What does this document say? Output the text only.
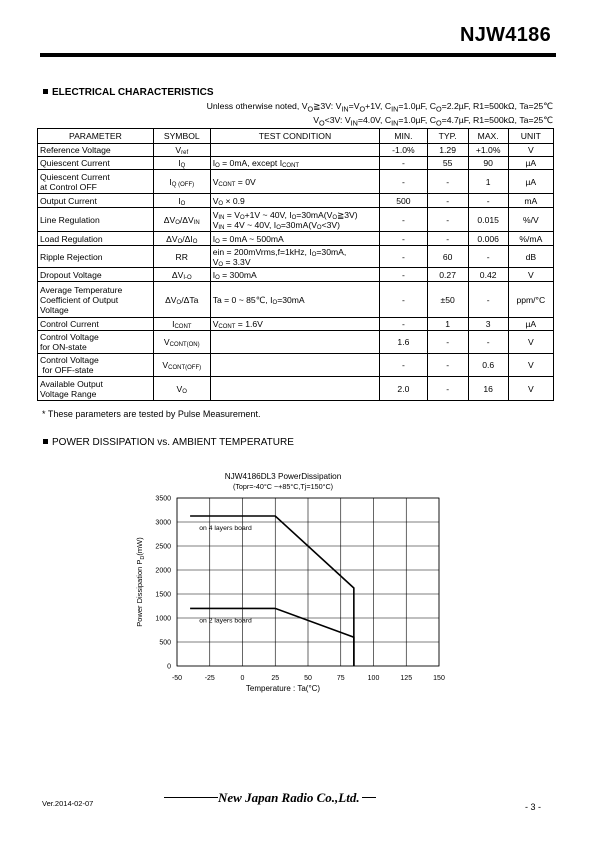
NJW4186
ELECTRICAL CHARACTERISTICS
Unless otherwise noted, $V_O≧3V$: $V_{IN}=V_O+1V$, $C_{IN}=1.0\mu F$, $C_O=2.2\mu F$, R1=500kΩ, Ta=25℃
$V_O<3V$: $V_{IN}=4.0V$, $C_{IN}=1.0\mu F$, $C_O=4.7\mu F$, R1=500kΩ, Ta=25℃
PARAMETER	SYMBOL	TEST CONDITION	MIN.	TYP.	MAX.	UNIT
Reference Voltage	$V_{ref}$		-1.0%	1.29	+1.0%	V
Quiescent Current	$I_Q$	$I_O = 0mA$, except $I_{CONT}$	-	55	90	µA
Quiescent Current
at Control OFF	$I_{Q (OFF)}$	$V_{CONT} = 0V$	-	-	1	µA
Output Current	$I_O$	$V_O \times 0.9$	500	-	-	mA
Line Regulation	$\Delta V_O/\Delta V_{IN}$	$V_{IN} = V_O+1V$ ~ 40V, $I_O=30mA(V_O≧3V)$
$V_{IN} = 4V$ ~ 40V, $I_O=30mA(V_O<3V)$	-	-	0.015	%/V
Load Regulation	$\Delta V_O/\Delta I_O$	$I_O = 0mA$ ~ 500mA	-	-	0.006	%/mA
Ripple Rejection	RR	ein = 200mVrms,f=1kHz, $I_O=30mA$,
$V_O = 3.3V$	-	60	-	dB
Dropout Voltage	$\Delta V_{I-O}$	$I_O = 300mA$	-	0.27	0.42	V
Average Temperature
Coefficient of Output
Voltage	$\Delta V_O$/ΔTa	Ta = 0 ~ 85℃, $I_O=30mA$	-	±50	-	ppm/°C
Control Current	$I_{CONT}$	$V_{CONT} = 1.6V$	-	1	3	µA
Control Voltage
for ON-state	$V_{CONT(ON)}$		1.6	-	-	V
Control Voltage
for OFF-state	$V_{CONT(OFF)}$		-	-	0.6	V
Available Output
Voltage Range	$V_O$		2.0	-	16	V
* These parameters are tested by Pulse Measurement.
POWER DISSIPATION vs. AMBIENT TEMPERATURE
NJW4186DL3 PowerDissipation
(Topr=-40°C ~+85°C,Tj=150°C)
-50	-25	0	25	50	75	100	125	150
0
500
1000
1500
2000
2500
3000
3500
on 4 layers board
on 2 layers board
Temperature : Ta(°C)
Power Dissipation $P_D(mW)$
New Japan Radio Co.,Ltd.
Ver.2014-02-07	- 3 -
